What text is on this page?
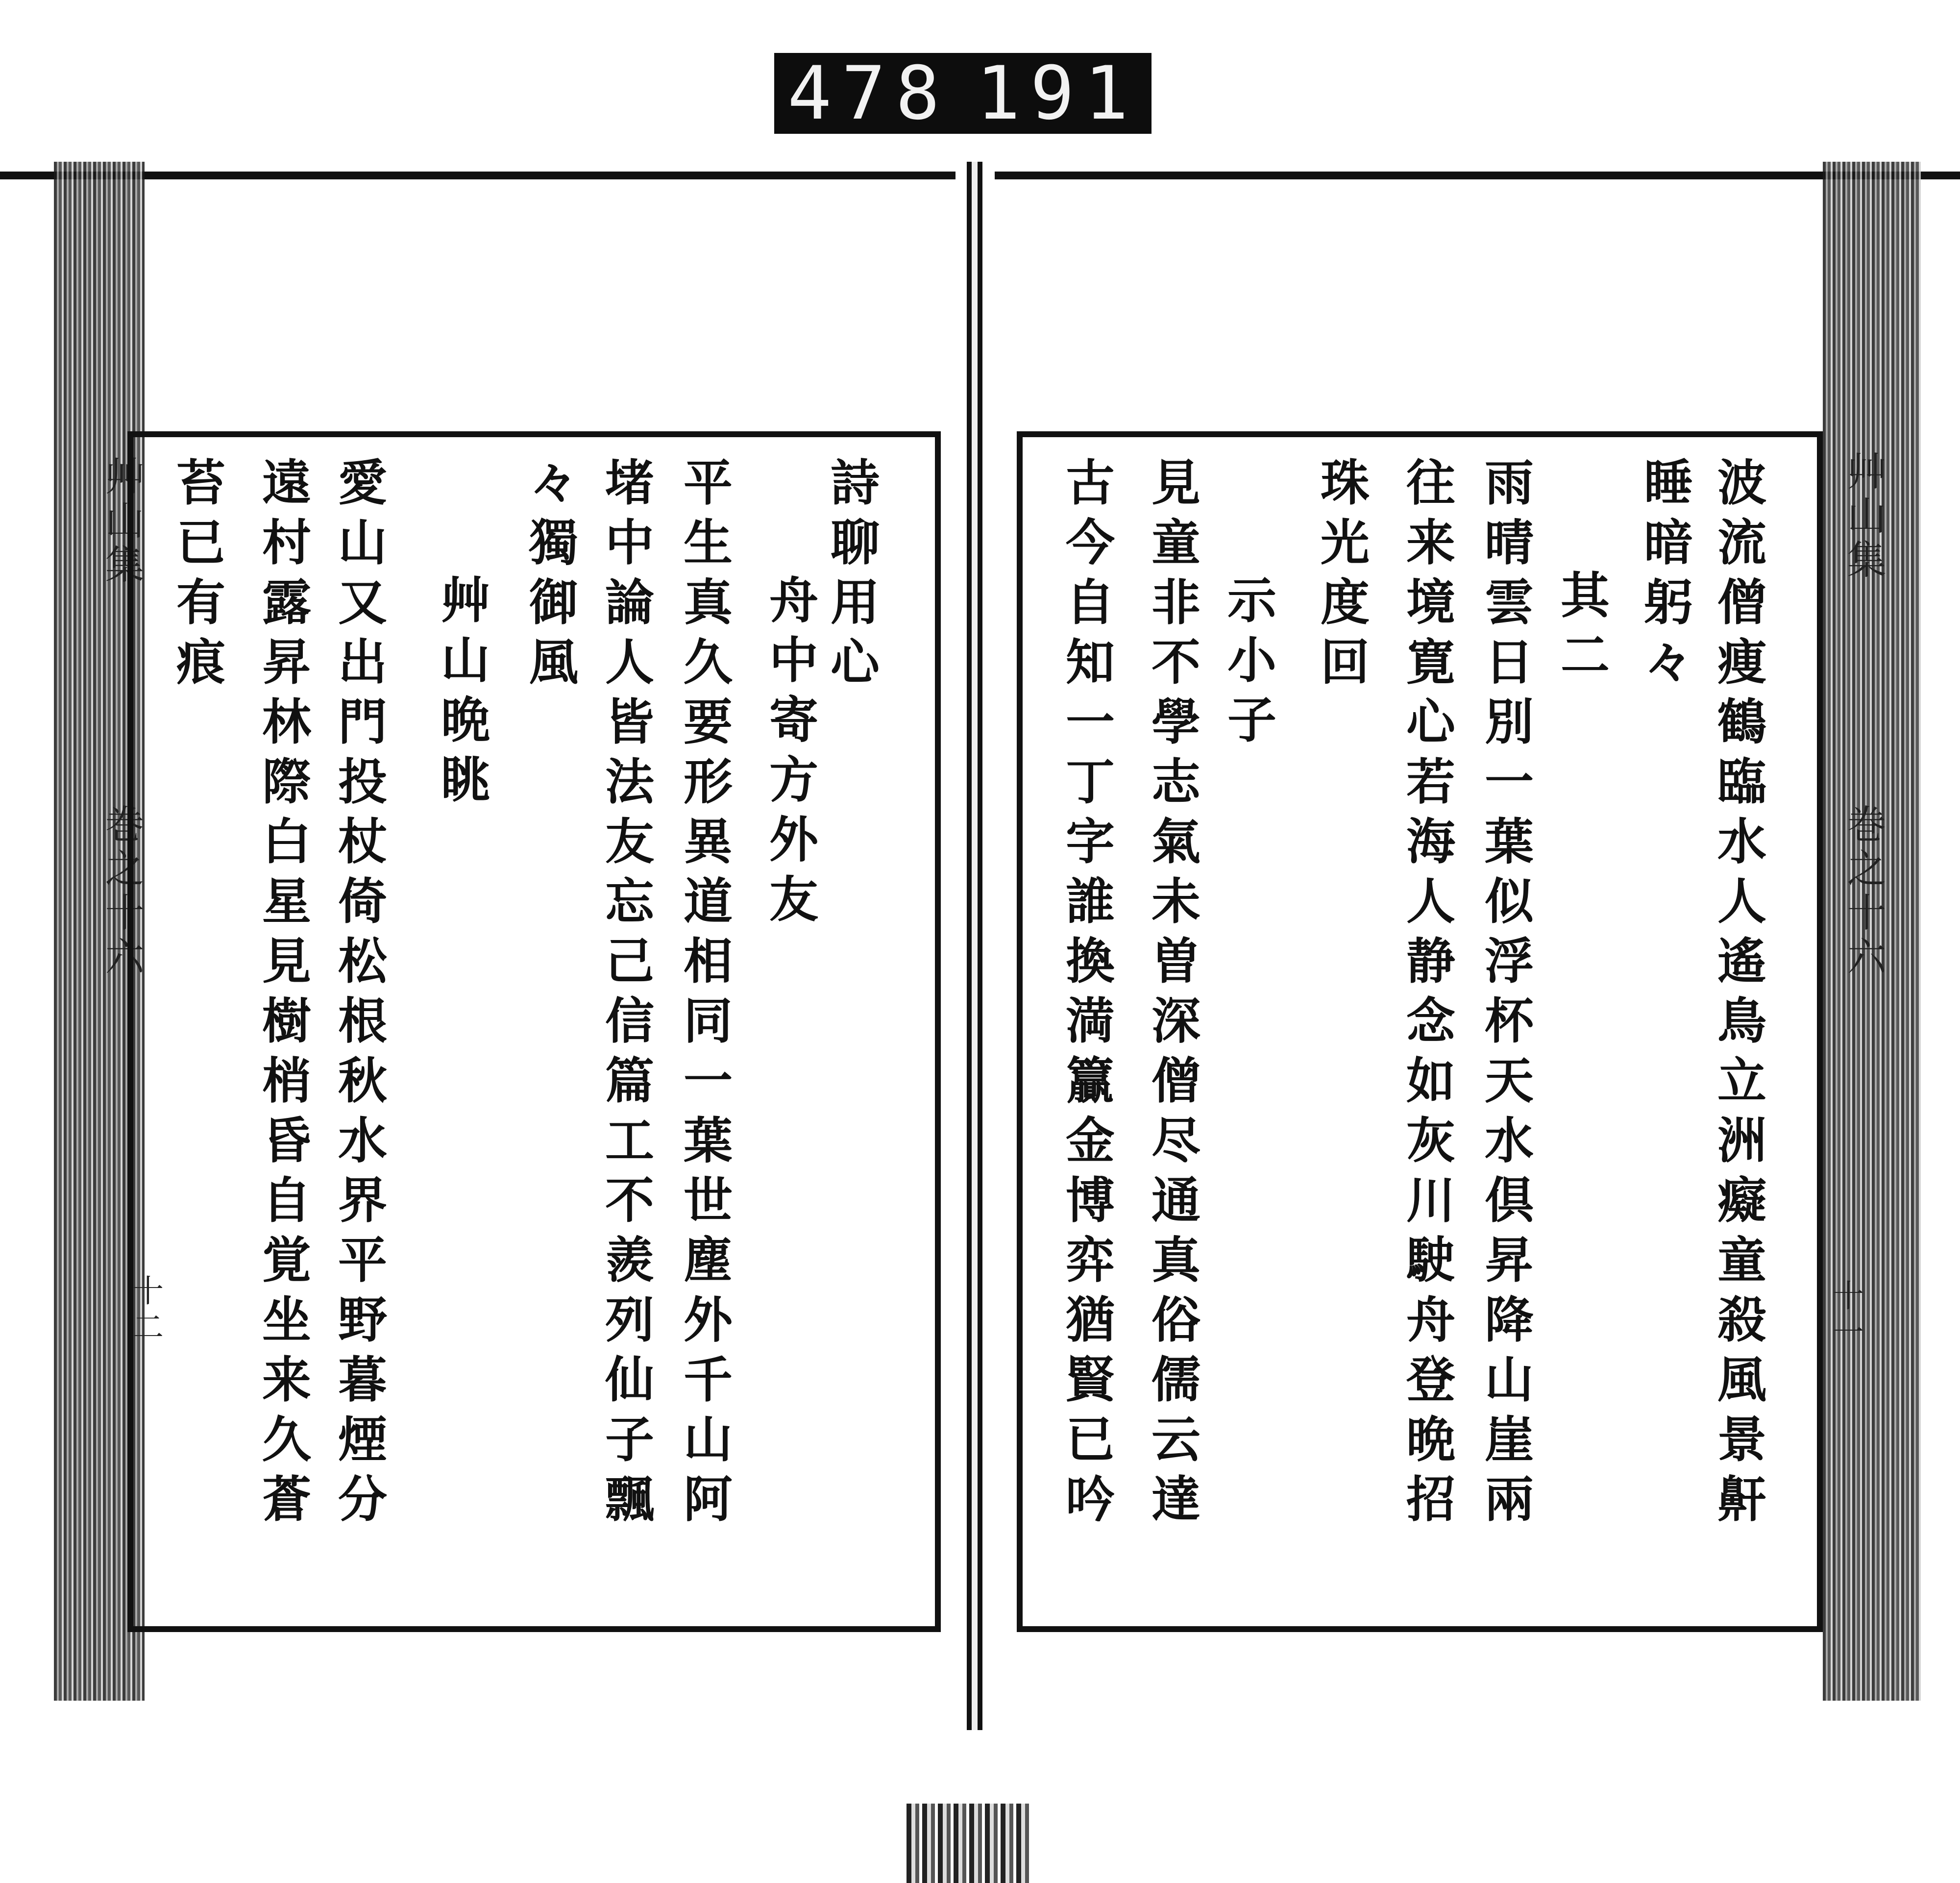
478 191
艸山集
巻之十六
十二
艸山集
巻之十六
十一
詩聊用心
舟中寄方外友
平生真久要形異道相同一葉世塵外千山阿
堵中論人皆法友忘己信篇工不羨列仙子飄
々獨御風
艸山晩眺
愛山又出門投杖倚松根秋水界平野暮煙分
遠村露昇林際白星見樹梢昏自覚坐来久蒼
苔已有痕	波流僧痩鶴臨水人遙鳥立洲癡童殺風景鼾
睡暗躬々
其二
雨晴雲日別一葉似浮杯天水倶昇降山崖兩
往来境寛心若海人静念如灰川駛舟登晩招
珠光度回
示小子
見童非不學志氣未曽深僧尽通真俗儒云達
古今自知一丁字誰換満籯金博弈猶賢已吟
